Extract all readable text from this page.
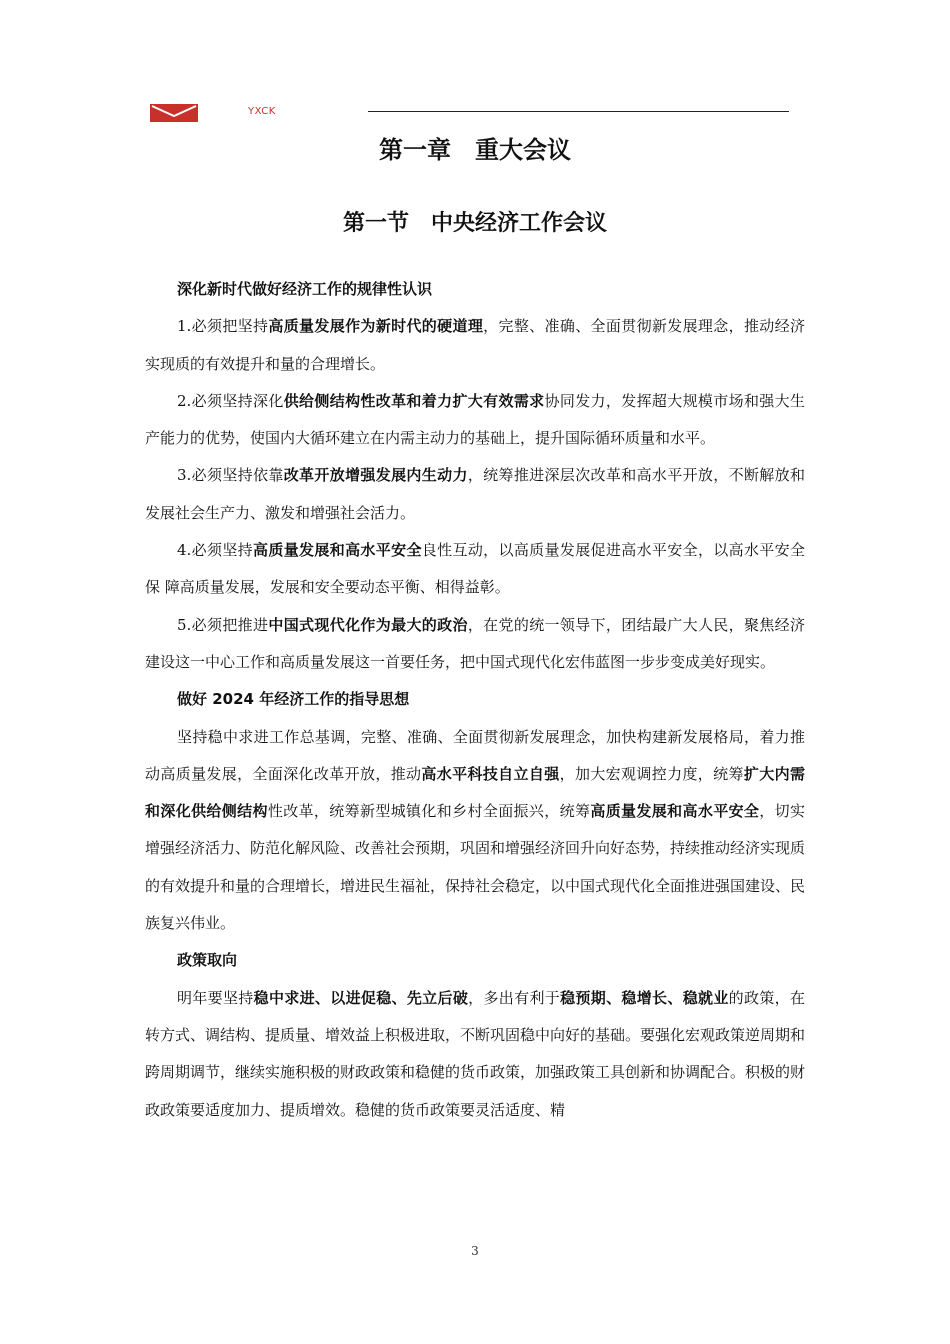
YXCK
第一章　重大会议
第一节　中央经济工作会议

深化新时代做好经济工作的规律性认识

1.必须把坚持高质量发展作为新时代的硬道理，完整、准确、全面贯彻新发展理念，推动经济实现质的有效提升和量的合理增长。

2.必须坚持深化供给侧结构性改革和着力扩大有效需求协同发力，发挥超大规模市场和强大生产能力的优势，使国内大循环建立在内需主动力的基础上，提升国际循环质量和水平。

3.必须坚持依靠改革开放增强发展内生动力，统筹推进深层次改革和高水平开放，不断解放和发展社会生产力、激发和增强社会活力。

4.必须坚持高质量发展和高水平安全良性互动，以高质量发展促进高水平安全，以高水平安全保 障高质量发展，发展和安全要动态平衡、相得益彰。

5.必须把推进中国式现代化作为最大的政治，在党的统一领导下，团结最广大人民，聚焦经济建设这一中心工作和高质量发展这一首要任务，把中国式现代化宏伟蓝图一步步变成美好现实。

做好 2024 年经济工作的指导思想

坚持稳中求进工作总基调，完整、准确、全面贯彻新发展理念，加快构建新发展格局，着力推动高质量发展，全面深化改革开放，推动高水平科技自立自强，加大宏观调控力度，统筹扩大内需和深化供给侧结构性改革，统筹新型城镇化和乡村全面振兴，统筹高质量发展和高水平安全，切实增强经济活力、防范化解风险、改善社会预期，巩固和增强经济回升向好态势，持续推动经济实现质的有效提升和量的合理增长，增进民生福祉，保持社会稳定，以中国式现代化全面推进强国建设、民族复兴伟业。

政策取向

明年要坚持稳中求进、以进促稳、先立后破，多出有利于稳预期、稳增长、稳就业的政策，在转方式、调结构、提质量、增效益上积极进取，不断巩固稳中向好的基础。要强化宏观政策逆周期和跨周期调节，继续实施积极的财政政策和稳健的货币政策，加强政策工具创新和协调配合。积极的财政政策要适度加力、提质增效。稳健的货币政策要灵活适度、精

3
